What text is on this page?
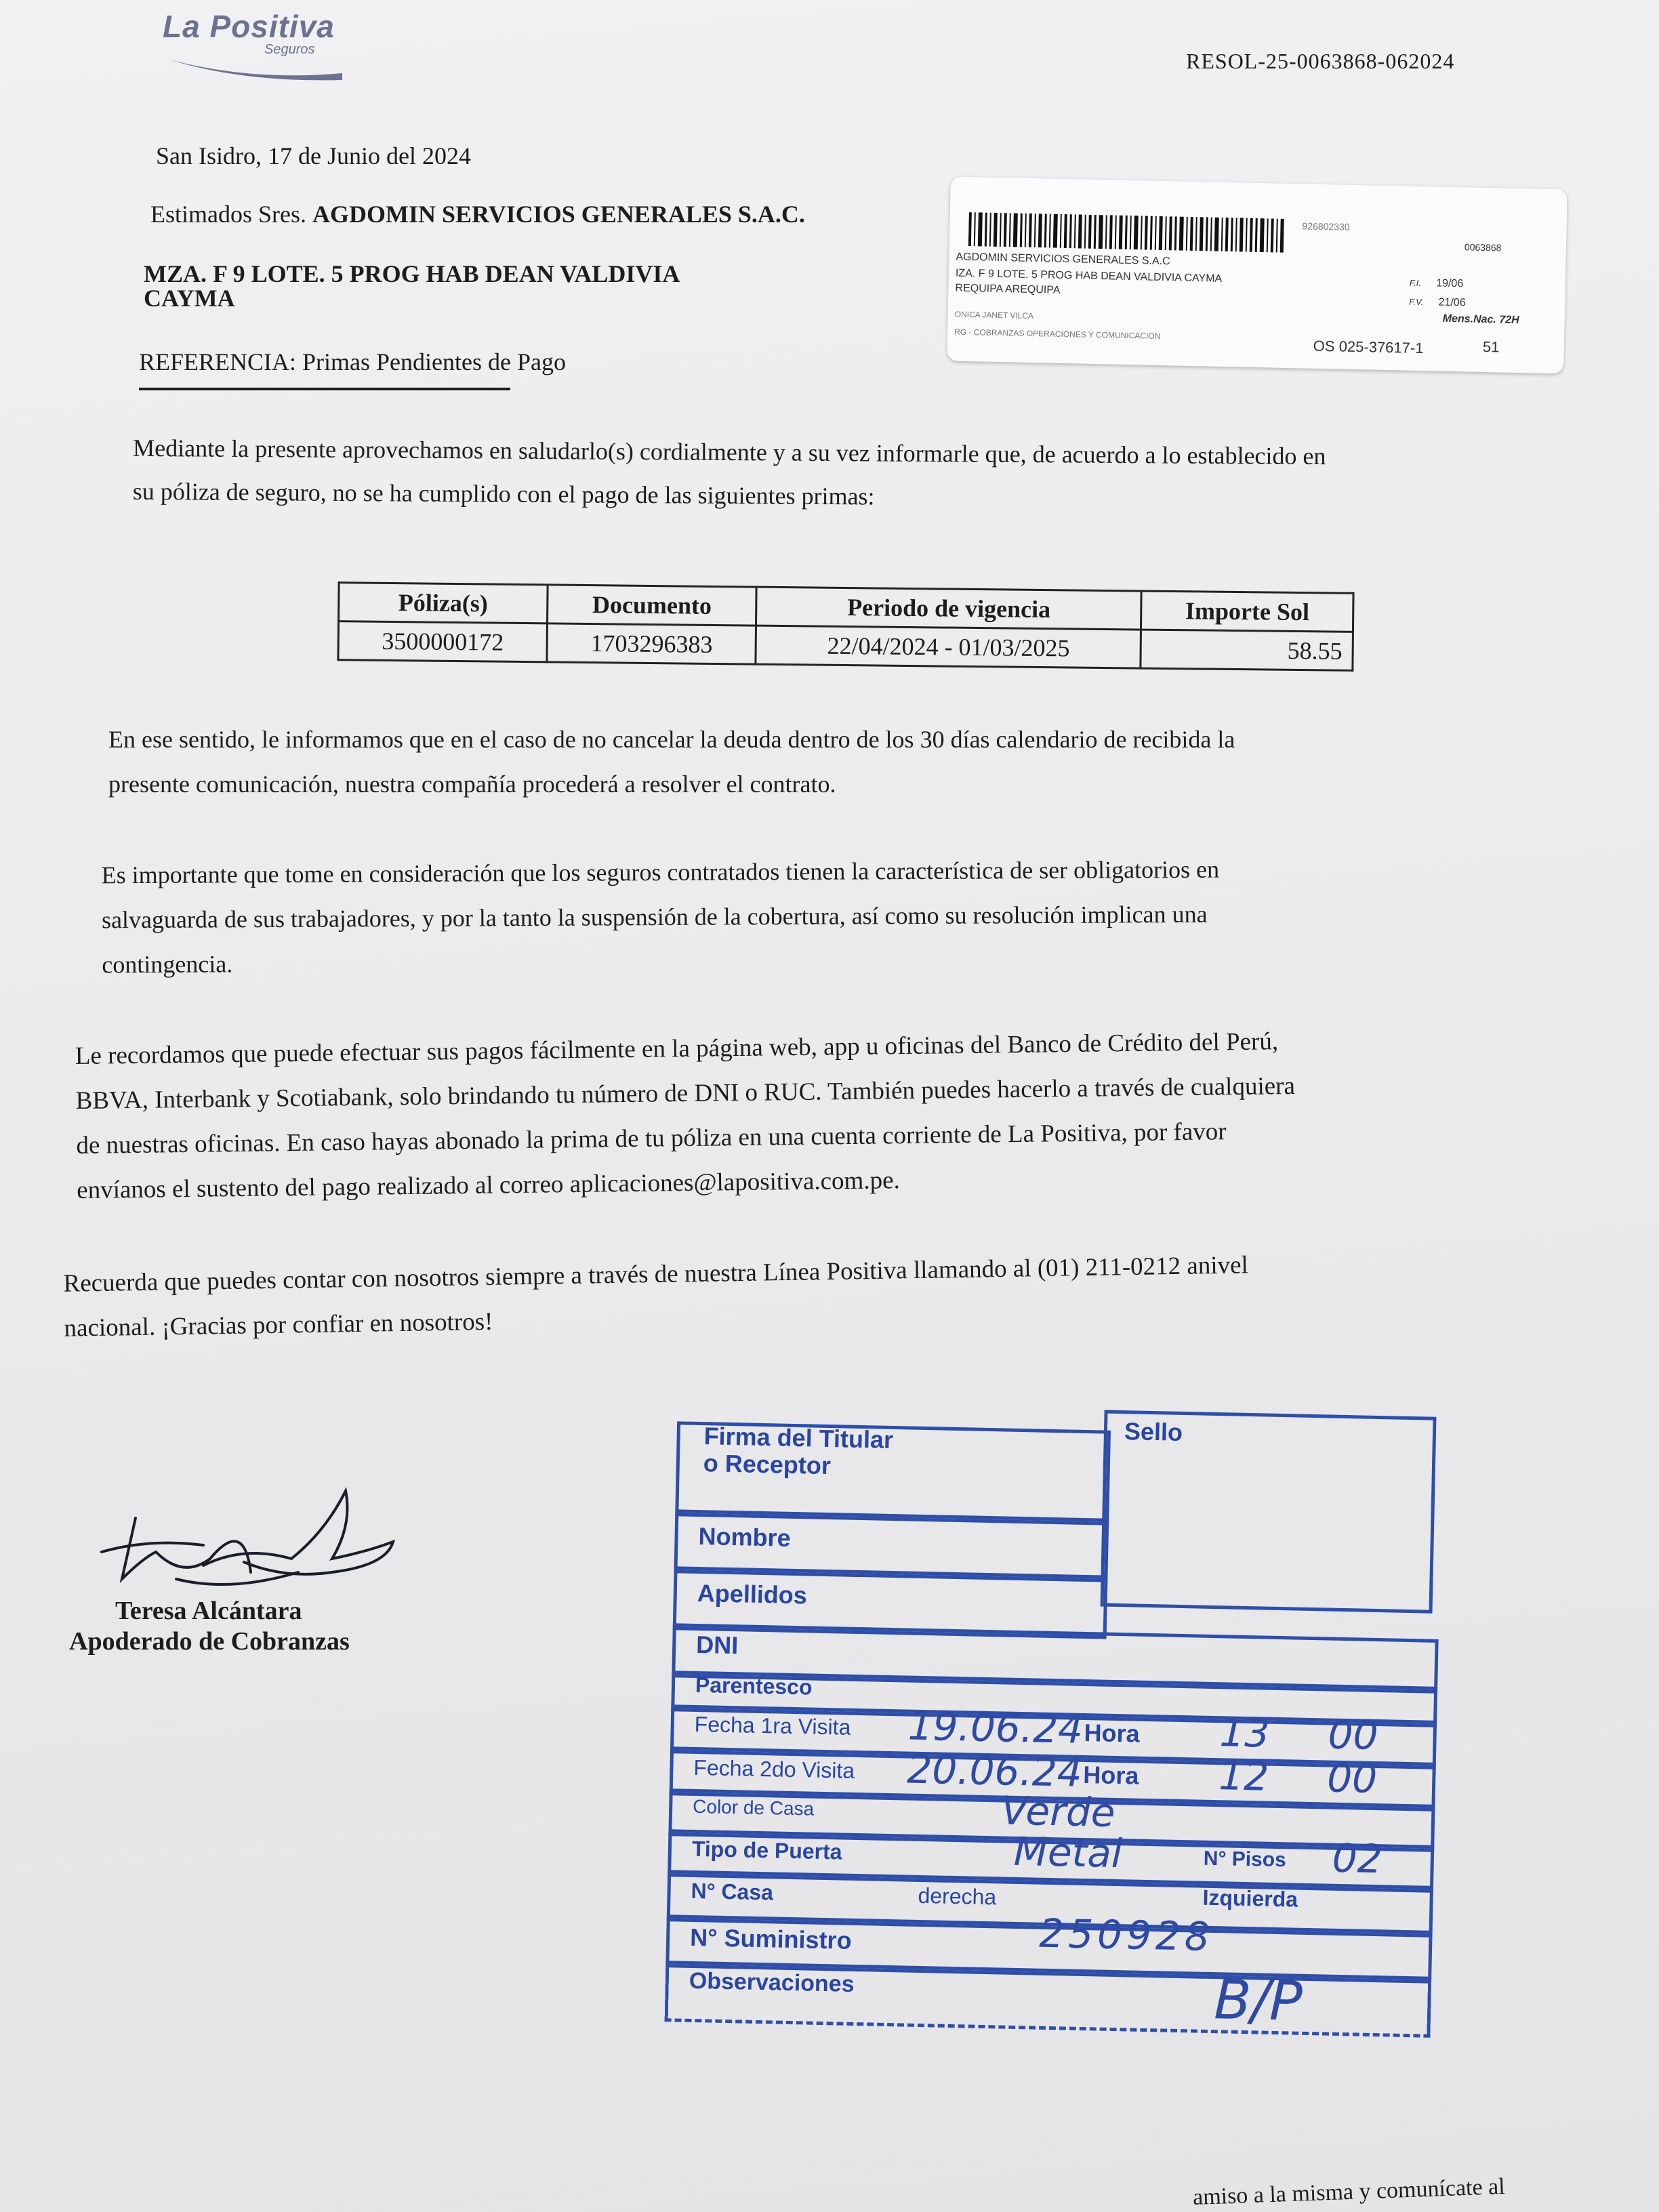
La Positiva
Seguros	RESOL-25-0063868-062024
San Isidro, 17 de Junio del 2024
Estimados Sres. AGDOMIN SERVICIOS GENERALES S.A.C.
MZA. F 9 LOTE. 5 PROG HAB DEAN VALDIVIA
CAYMA
REFERENCIA: Primas Pendientes de Pago
926802330
0063868
AGDOMIN SERVICIOS GENERALES S.A.C
IZA. F 9 LOTE. 5 PROG HAB DEAN VALDIVIA CAYMA
REQUIPA AREQUIPA
ONICA JANET VILCA
RG - COBRANZAS OPERACIONES Y COMUNICACION
F.I. 19/06
F.V. 21/06
Mens.Nac. 72H
OS 025-37617-1	51
Mediante la presente aprovechamos en saludarlo(s) cordialmente y a su vez informarle que, de acuerdo a lo establecido en
su póliza de seguro, no se ha cumplido con el pago de las siguientes primas:
Póliza(s)	Documento	Periodo de vigencia	Importe Sol
3500000172	1703296383	22/04/2024 - 01/03/2025	58.55
En ese sentido, le informamos que en el caso de no cancelar la deuda dentro de los 30 días calendario de recibida la
presente comunicación, nuestra compañía procederá a resolver el contrato.
Es importante que tome en consideración que los seguros contratados tienen la característica de ser obligatorios en
salvaguarda de sus trabajadores, y por la tanto la suspensión de la cobertura, así como su resolución implican una
contingencia.
Le recordamos que puede efectuar sus pagos fácilmente en la página web, app u oficinas del Banco de Crédito del Perú,
BBVA, Interbank y Scotiabank, solo brindando tu número de DNI o RUC. También puedes hacerlo a través de cualquiera
de nuestras oficinas. En caso hayas abonado la prima de tu póliza en una cuenta corriente de La Positiva, por favor
envíanos el sustento del pago realizado al correo aplicaciones@lapositiva.com.pe.
Recuerda que puedes contar con nosotros siempre a través de nuestra Línea Positiva llamando al (01) 211-0212 anivel
nacional. ¡Gracias por confiar en nosotros!
Teresa Alcántara
Apoderado de Cobranzas
Firma del Titular
o Receptor
Sello
Nombre
Apellidos
DNI
Parentesco
Fecha 1ra Visita	Hora
19.06.24	13 00
Fecha 2do Visita	Hora
20.06.24	12 00
Color de Casa	Verde
Tipo de Puerta	Metal	N° Pisos 02
N° Casa	derecha	Izquierda
N° Suministro	250928
Observaciones	B/P
amiso a la misma y comunícate al
